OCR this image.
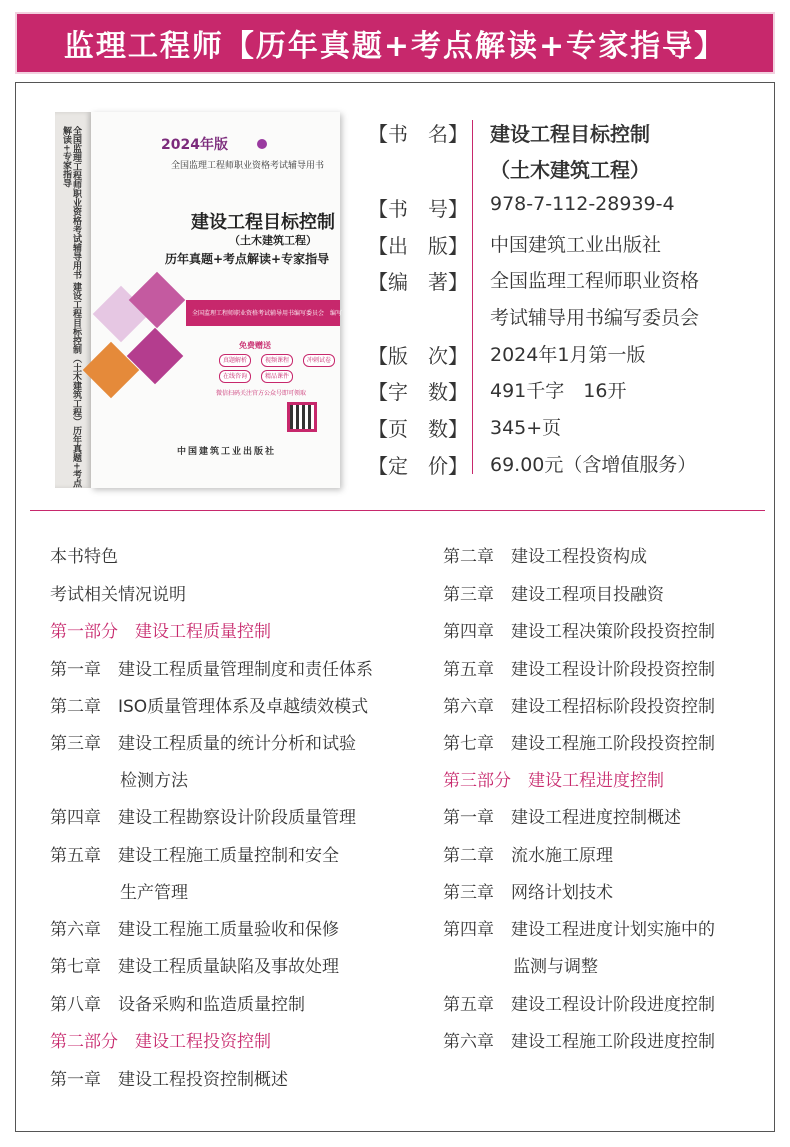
监理工程师【历年真题+考点解读+专家指导】
全国监理工程师职业资格考试辅导用书 建设工程目标控制（土木建筑工程）历年真题+考点解读+专家指导	2024年版
全国监理工程师职业资格考试辅导用书
建设工程目标控制
（土木建筑工程）
历年真题+考点解读+专家指导
全国监理工程师职业资格考试辅导用书编写委员会　编写
免费赠送
真题解析	视频课程	冲刺试卷
在线咨询	精品课件
微信扫码关注官方公众号即可领取
中国建筑工业出版社
【书　名】 建设工程目标控制
（土木建筑工程）
【书　号】 978-7-112-28939-4
【出　版】 中国建筑工业出版社
【编　著】 全国监理工程师职业资格
考试辅导用书编写委员会
【版　次】 2024年1月第一版
【字　数】 491千字　16开
【页　数】 345+页
【定　价】 69.00元（含增值服务）
本书特色
考试相关情况说明
第一部分　建设工程质量控制
第一章　建设工程质量管理制度和责任体系
第二章　ISO质量管理体系及卓越绩效模式
第三章　建设工程质量的统计分析和试验
检测方法
第四章　建设工程勘察设计阶段质量管理
第五章　建设工程施工质量控制和安全
生产管理
第六章　建设工程施工质量验收和保修
第七章　建设工程质量缺陷及事故处理
第八章　设备采购和监造质量控制
第二部分　建设工程投资控制
第一章　建设工程投资控制概述
第二章　建设工程投资构成
第三章　建设工程项目投融资
第四章　建设工程决策阶段投资控制
第五章　建设工程设计阶段投资控制
第六章　建设工程招标阶段投资控制
第七章　建设工程施工阶段投资控制
第三部分　建设工程进度控制
第一章　建设工程进度控制概述
第二章　流水施工原理
第三章　网络计划技术
第四章　建设工程进度计划实施中的
监测与调整
第五章　建设工程设计阶段进度控制
第六章　建设工程施工阶段进度控制
